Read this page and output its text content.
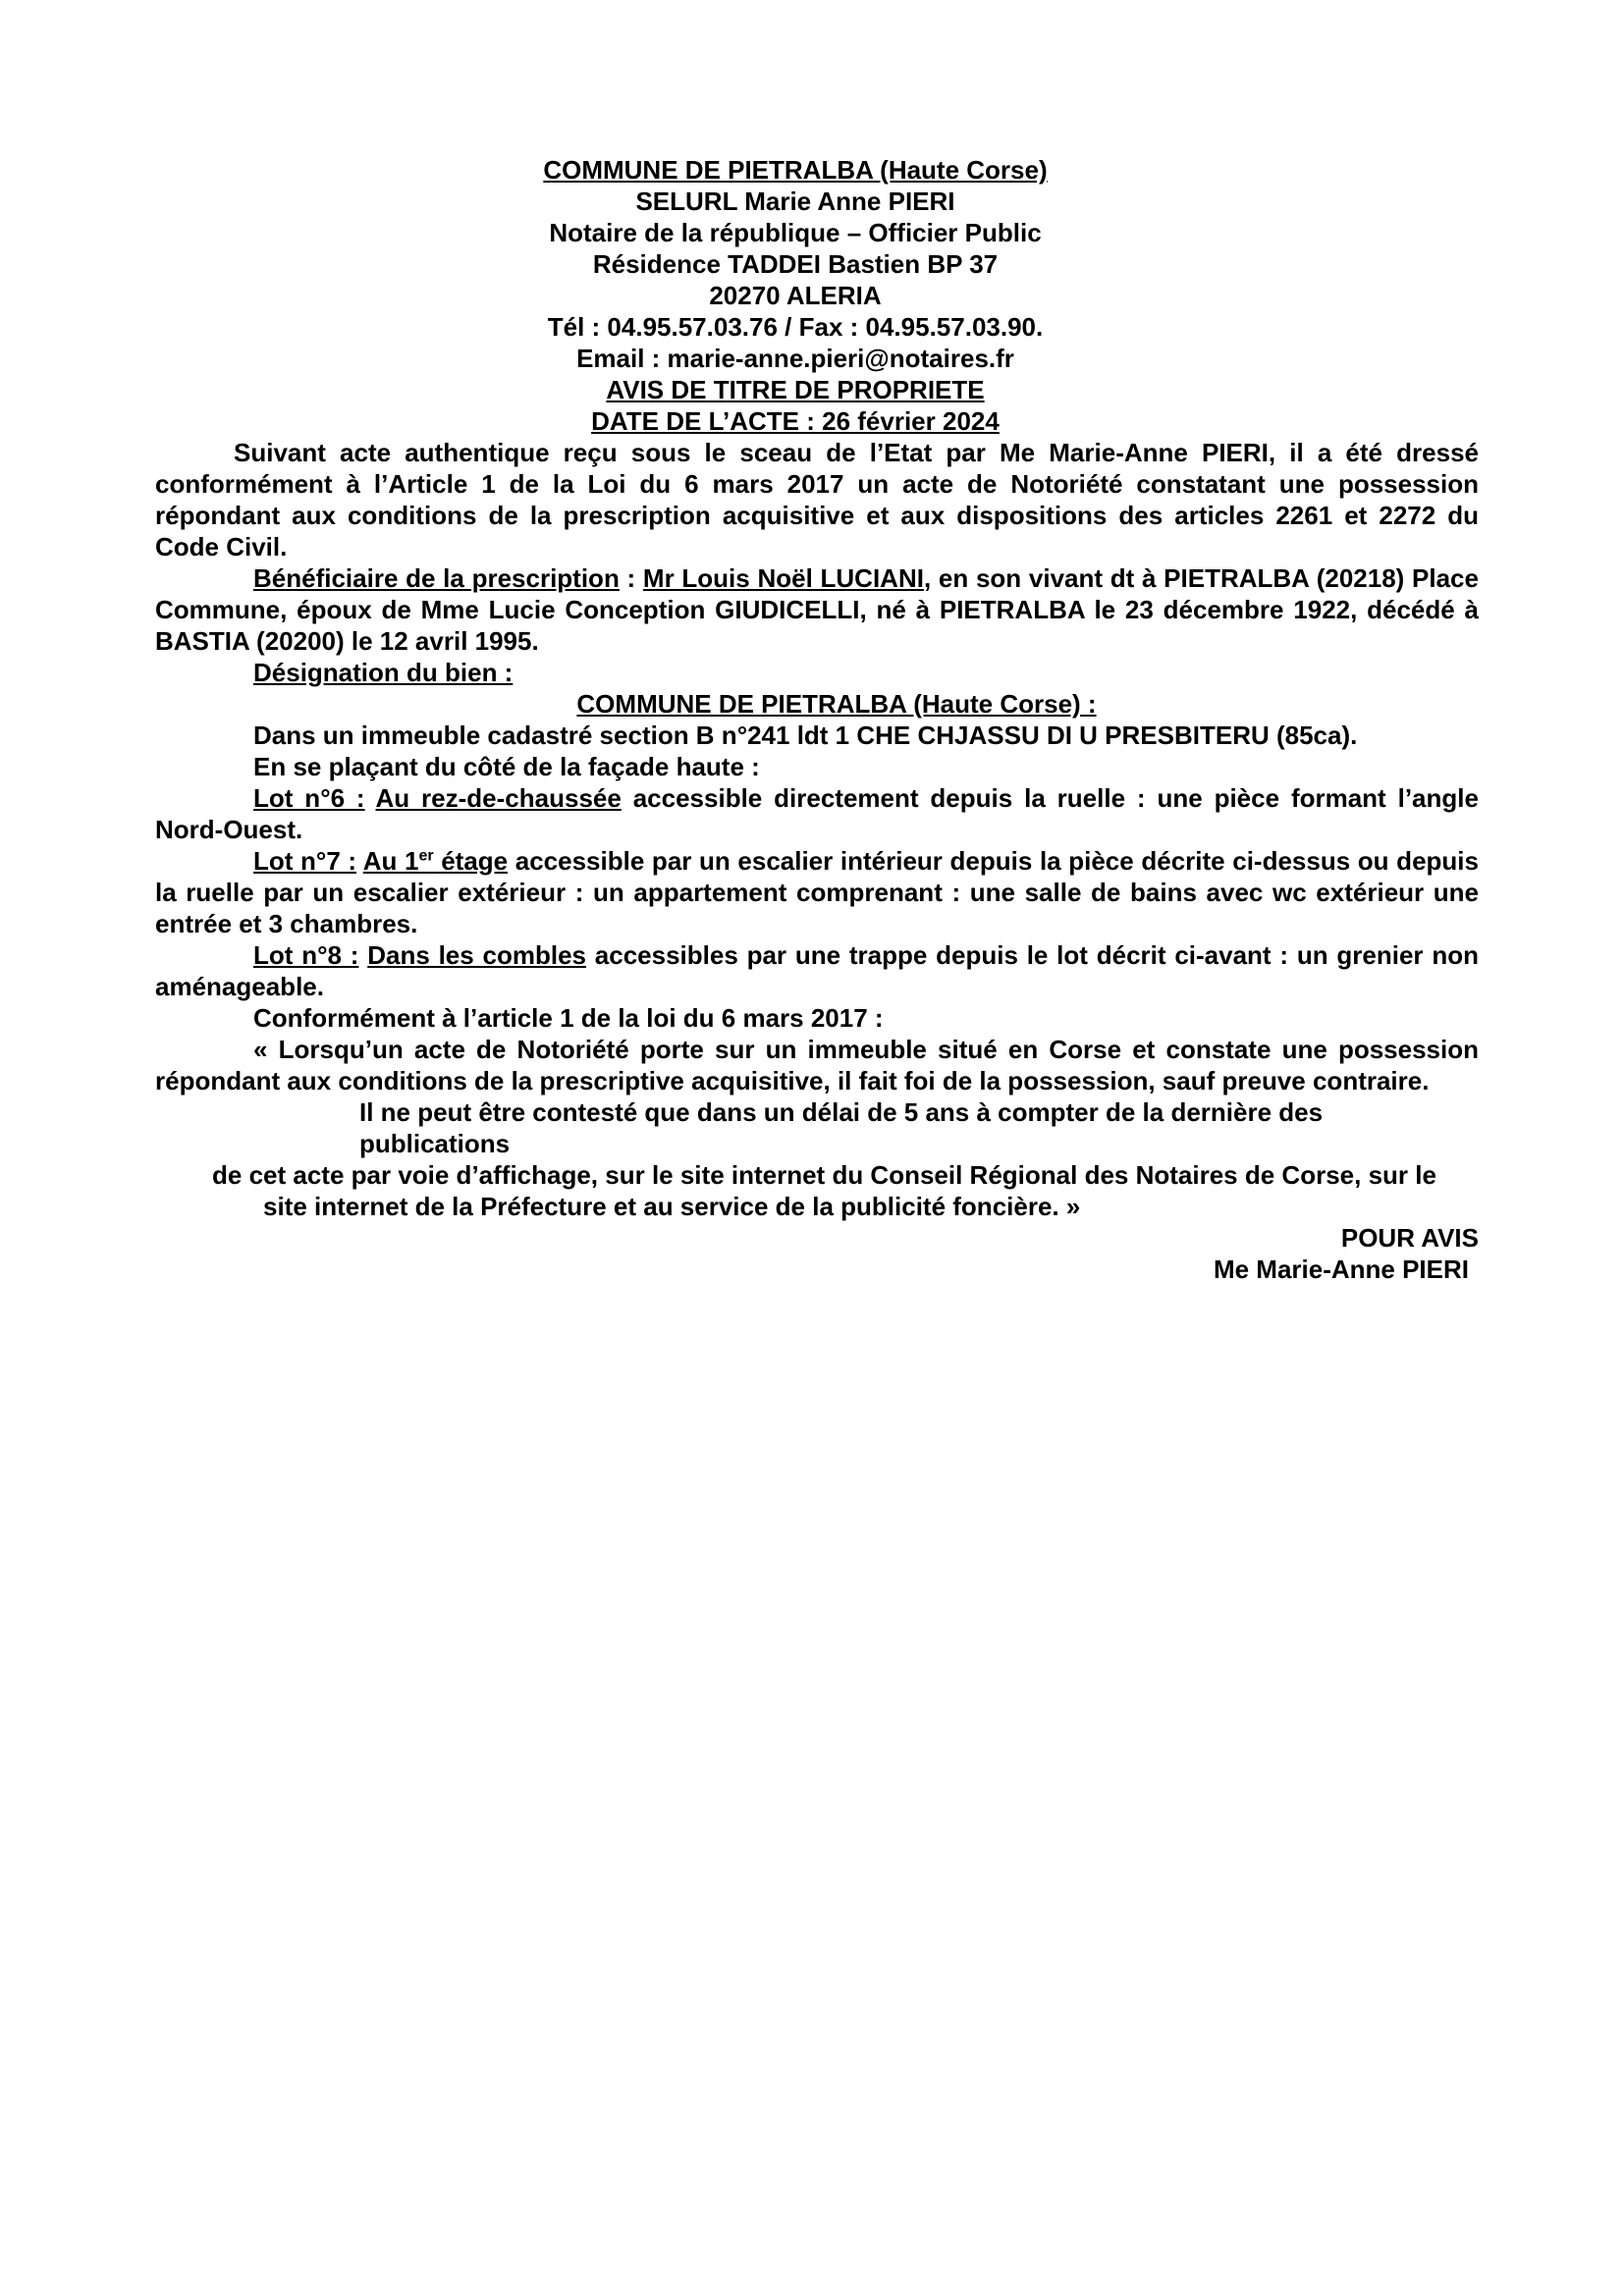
COMMUNE DE PIETRALBA (Haute Corse)
SELURL Marie Anne PIERI
Notaire de la république – Officier Public
Résidence TADDEI Bastien BP 37
20270 ALERIA
Tél : 04.95.57.03.76 / Fax : 04.95.57.03.90.
Email : marie-anne.pieri@notaires.fr
AVIS DE TITRE DE PROPRIETE
DATE DE L’ACTE : 26 février 2024

Suivant acte authentique reçu sous le sceau de l’Etat par Me Marie-Anne PIERI, il a été dressé conformément à l’Article 1 de la Loi du 6 mars 2017 un acte de Notoriété constatant une possession répondant aux conditions de la prescription acquisitive et aux dispositions des articles 2261 et 2272 du Code Civil.

Bénéficiaire de la prescription : Mr Louis Noël LUCIANI, en son vivant dt à PIETRALBA (20218) Place Commune, époux de Mme Lucie Conception GIUDICELLI, né à PIETRALBA le 23 décembre 1922, décédé à BASTIA (20200) le 12 avril 1995.

Désignation du bien :

COMMUNE DE PIETRALBA (Haute Corse) :

Dans un immeuble cadastré section B n°241 ldt 1 CHE CHJASSU DI U PRESBITERU (85ca).

En se plaçant du côté de la façade haute :

Lot n°6 : Au rez-de-chaussée accessible directement depuis la ruelle : une pièce formant l’angle Nord-Ouest.

Lot n°7 : Au 1er étage accessible par un escalier intérieur depuis la pièce décrite ci-dessus ou depuis la ruelle par un escalier extérieur : un appartement comprenant : une salle de bains avec wc extérieur une entrée et 3 chambres.

Lot n°8 : Dans les combles accessibles par une trappe depuis le lot décrit ci-avant : un grenier non aménageable.

Conformément à l’article 1 de la loi du 6 mars 2017 :

« Lorsqu’un acte de Notoriété porte sur un immeuble situé en Corse et constate une possession répondant aux conditions de la prescriptive acquisitive, il fait foi de la possession, sauf preuve contraire.

Il ne peut être contesté que dans un délai de 5 ans à compter de la dernière des publications
de cet acte par voie d’affichage, sur le site internet du Conseil Régional des Notaires de Corse, sur le
site internet de la Préfecture et au service de la publicité foncière. »
POUR AVIS
Me Marie-Anne PIERI
